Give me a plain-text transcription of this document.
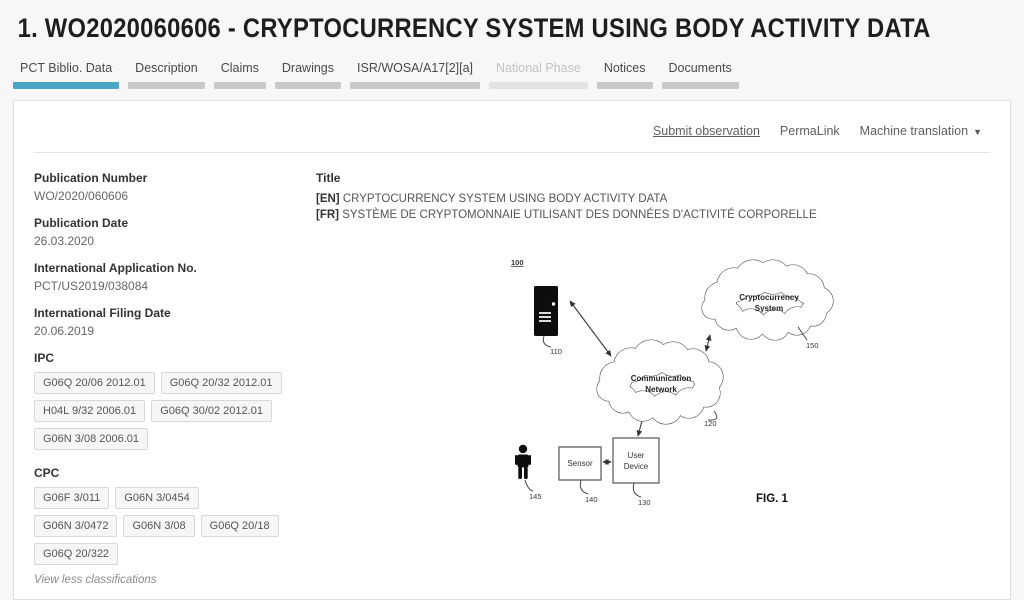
1. WO2020060606 - CRYPTOCURRENCY SYSTEM USING BODY ACTIVITY DATA
PCT Biblio. Data	Description	Claims	Drawings	ISR/WOSA/A17[2][a]	National Phase	Notices	Documents
Submit observation PermaLink Machine translation ▼
Publication Number
WO/2020/060606
Publication Date
26.03.2020
International Application No.
PCT/US2019/038084
International Filing Date
20.06.2019
IPC
G06Q 20/06 2012.01	G06Q 20/32 2012.01
H04L 9/32 2006.01	G06Q 30/02 2012.01
G06N 3/08 2006.01
CPC
G06F 3/011	G06N 3/0454
G06N 3/0472	G06N 3/08	G06Q 20/18
G06Q 20/322
View less classifications
Title
[EN] CRYPTOCURRENCY SYSTEM USING BODY ACTIVITY DATA
[FR] SYSTÈME DE CRYPTOMONNAIE UTILISANT DES DONNÉES D'ACTIVITÉ CORPORELLE
100
110
Cryptocurrency
System
150
Communication
Network
120
145
Sensor
140
User
Device
130	FIG. 1
